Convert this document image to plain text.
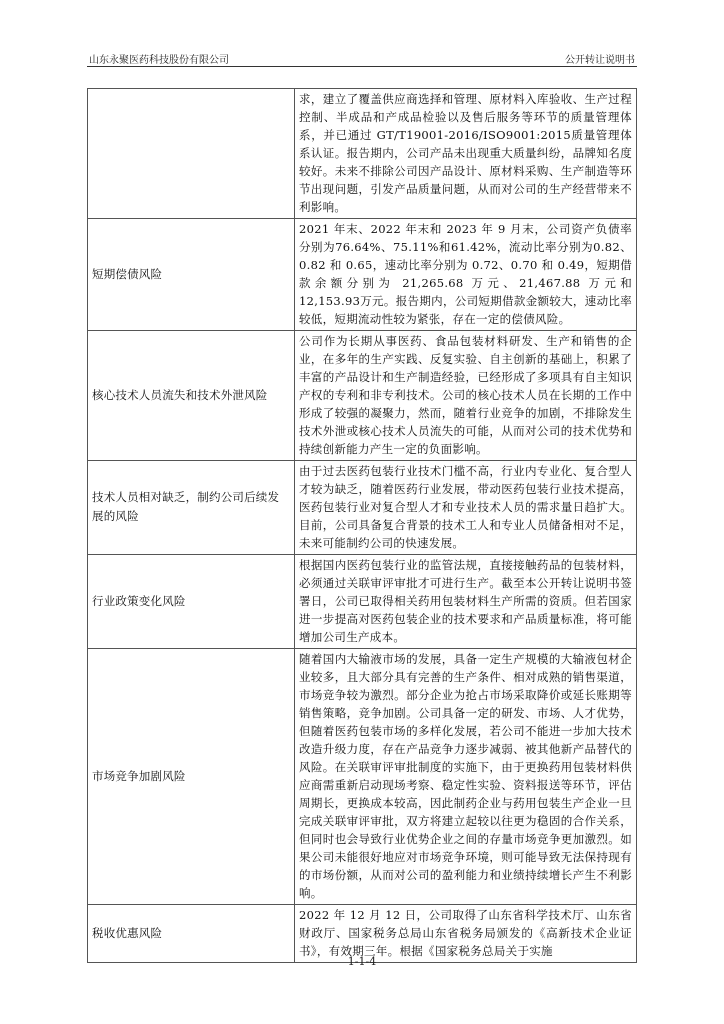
山东永聚医药科技股份有限公司	公开转让说明书
	求，建立了覆盖供应商选择和管理、原材料入库验收、生产过程控制、半成品和产成品检验以及售后服务等环节的质量管理体系，并已通过 GT/T19001-2016/ISO9001:2015质量管理体系认证。报告期内，公司产品未出现重大质量纠纷，品牌知名度较好。未来不排除公司因产品设计、原材料采购、生产制造等环节出现问题，引发产品质量问题，从而对公司的生产经营带来不利影响。
短期偿债风险	2021 年末、2022 年末和 2023 年 9 月末，公司资产负债率分别为76.64%、75.11%和61.42%，流动比率分别为0.82、0.82 和 0.65，速动比率分别为 0.72、0.70 和 0.49，短期借款余额分别为 21,265.68 万元、21,467.88 万元和 12,153.93万元。报告期内，公司短期借款金额较大，速动比率较低，短期流动性较为紧张，存在一定的偿债风险。
核心技术人员流失和技术外泄风险	公司作为长期从事医药、食品包装材料研发、生产和销售的企业，在多年的生产实践、反复实验、自主创新的基础上，积累了丰富的产品设计和生产制造经验，已经形成了多项具有自主知识产权的专利和非专利技术。公司的核心技术人员在长期的工作中形成了较强的凝聚力，然而，随着行业竞争的加剧，不排除发生技术外泄或核心技术人员流失的可能，从而对公司的技术优势和持续创新能力产生一定的负面影响。
技术人员相对缺乏，制约公司后续发展的风险	由于过去医药包装行业技术门槛不高，行业内专业化、复合型人才较为缺乏，随着医药行业发展，带动医药包装行业技术提高，医药包装行业对复合型人才和专业技术人员的需求量日趋扩大。目前，公司具备复合背景的技术工人和专业人员储备相对不足，未来可能制约公司的快速发展。
行业政策变化风险	根据国内医药包装行业的监管法规，直接接触药品的包装材料，必须通过关联审评审批才可进行生产。截至本公开转让说明书签署日，公司已取得相关药用包装材料生产所需的资质。但若国家进一步提高对医药包装企业的技术要求和产品质量标准，将可能增加公司生产成本。
市场竞争加剧风险	随着国内大输液市场的发展，具备一定生产规模的大输液包材企业较多，且大部分具有完善的生产条件、相对成熟的销售渠道，市场竞争较为激烈。部分企业为抢占市场采取降价或延长账期等销售策略，竞争加剧。公司具备一定的研发、市场、人才优势，但随着医药包装市场的多样化发展，若公司不能进一步加大技术改造升级力度，存在产品竞争力逐步减弱、被其他新产品替代的风险。在关联审评审批制度的实施下，由于更换药用包装材料供应商需重新启动现场考察、稳定性实验、资料报送等环节，评估周期长，更换成本较高，因此制药企业与药用包装生产企业一旦完成关联审评审批，双方将建立起较以往更为稳固的合作关系，但同时也会导致行业优势企业之间的存量市场竞争更加激烈。如果公司未能很好地应对市场竞争环境，则可能导致无法保持现有的市场份额，从而对公司的盈利能力和业绩持续增长产生不利影响。
税收优惠风险	2022 年 12 月 12 日，公司取得了山东省科学技术厅、山东省财政厅、国家税务总局山东省税务局颁发的《高新技术企业证书》，有效期三年。根据《国家税务总局关于实施
1-1-4
